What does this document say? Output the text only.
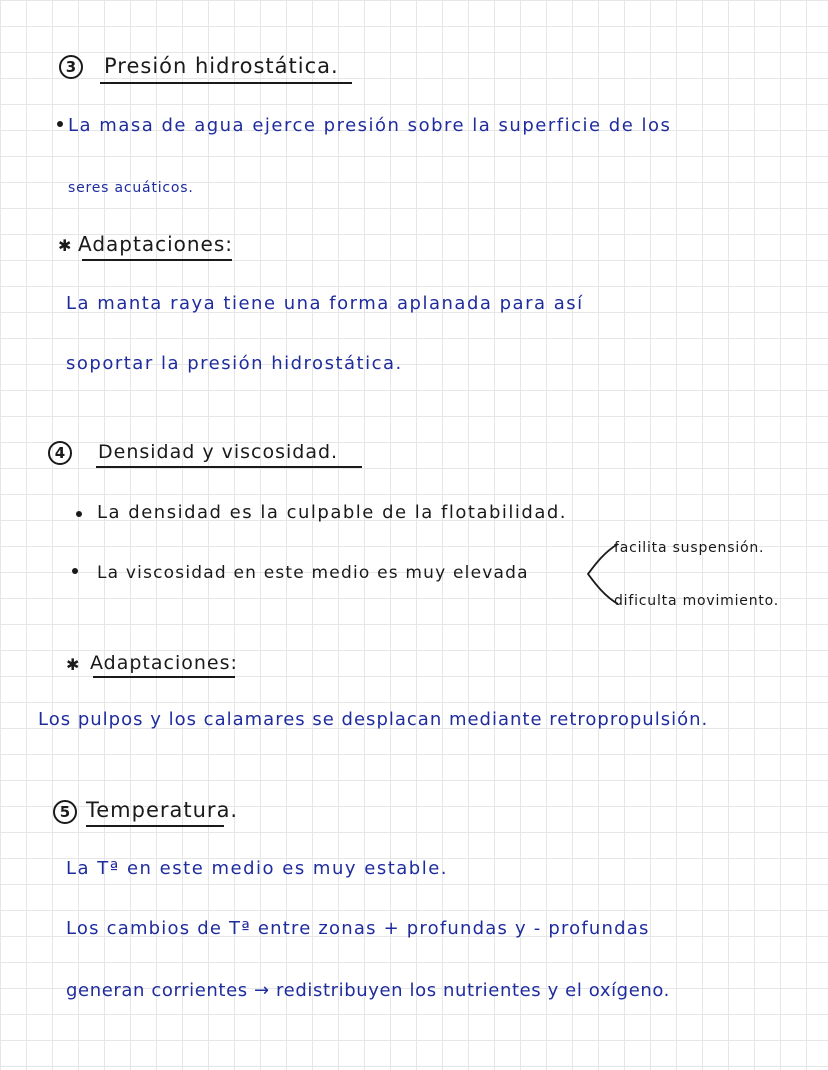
3	Presión hidrostática.
La masa de agua ejerce presión sobre la superficie de los
seres acuáticos.
✱ Adaptaciones:
La manta raya tiene una forma aplanada para así
soportar la presión hidrostática.
4	Densidad y viscosidad.
La densidad es la culpable de la flotabilidad.
La viscosidad en este medio es muy elevada
facilita suspensión.
dificulta movimiento.
✱ Adaptaciones:
Los pulpos y los calamares se desplacan mediante retropropulsión.
5 Temperatura.
La Tª en este medio es muy estable.
Los cambios de Tª entre zonas + profundas y - profundas
generan corrientes → redistribuyen los nutrientes y el oxígeno.
